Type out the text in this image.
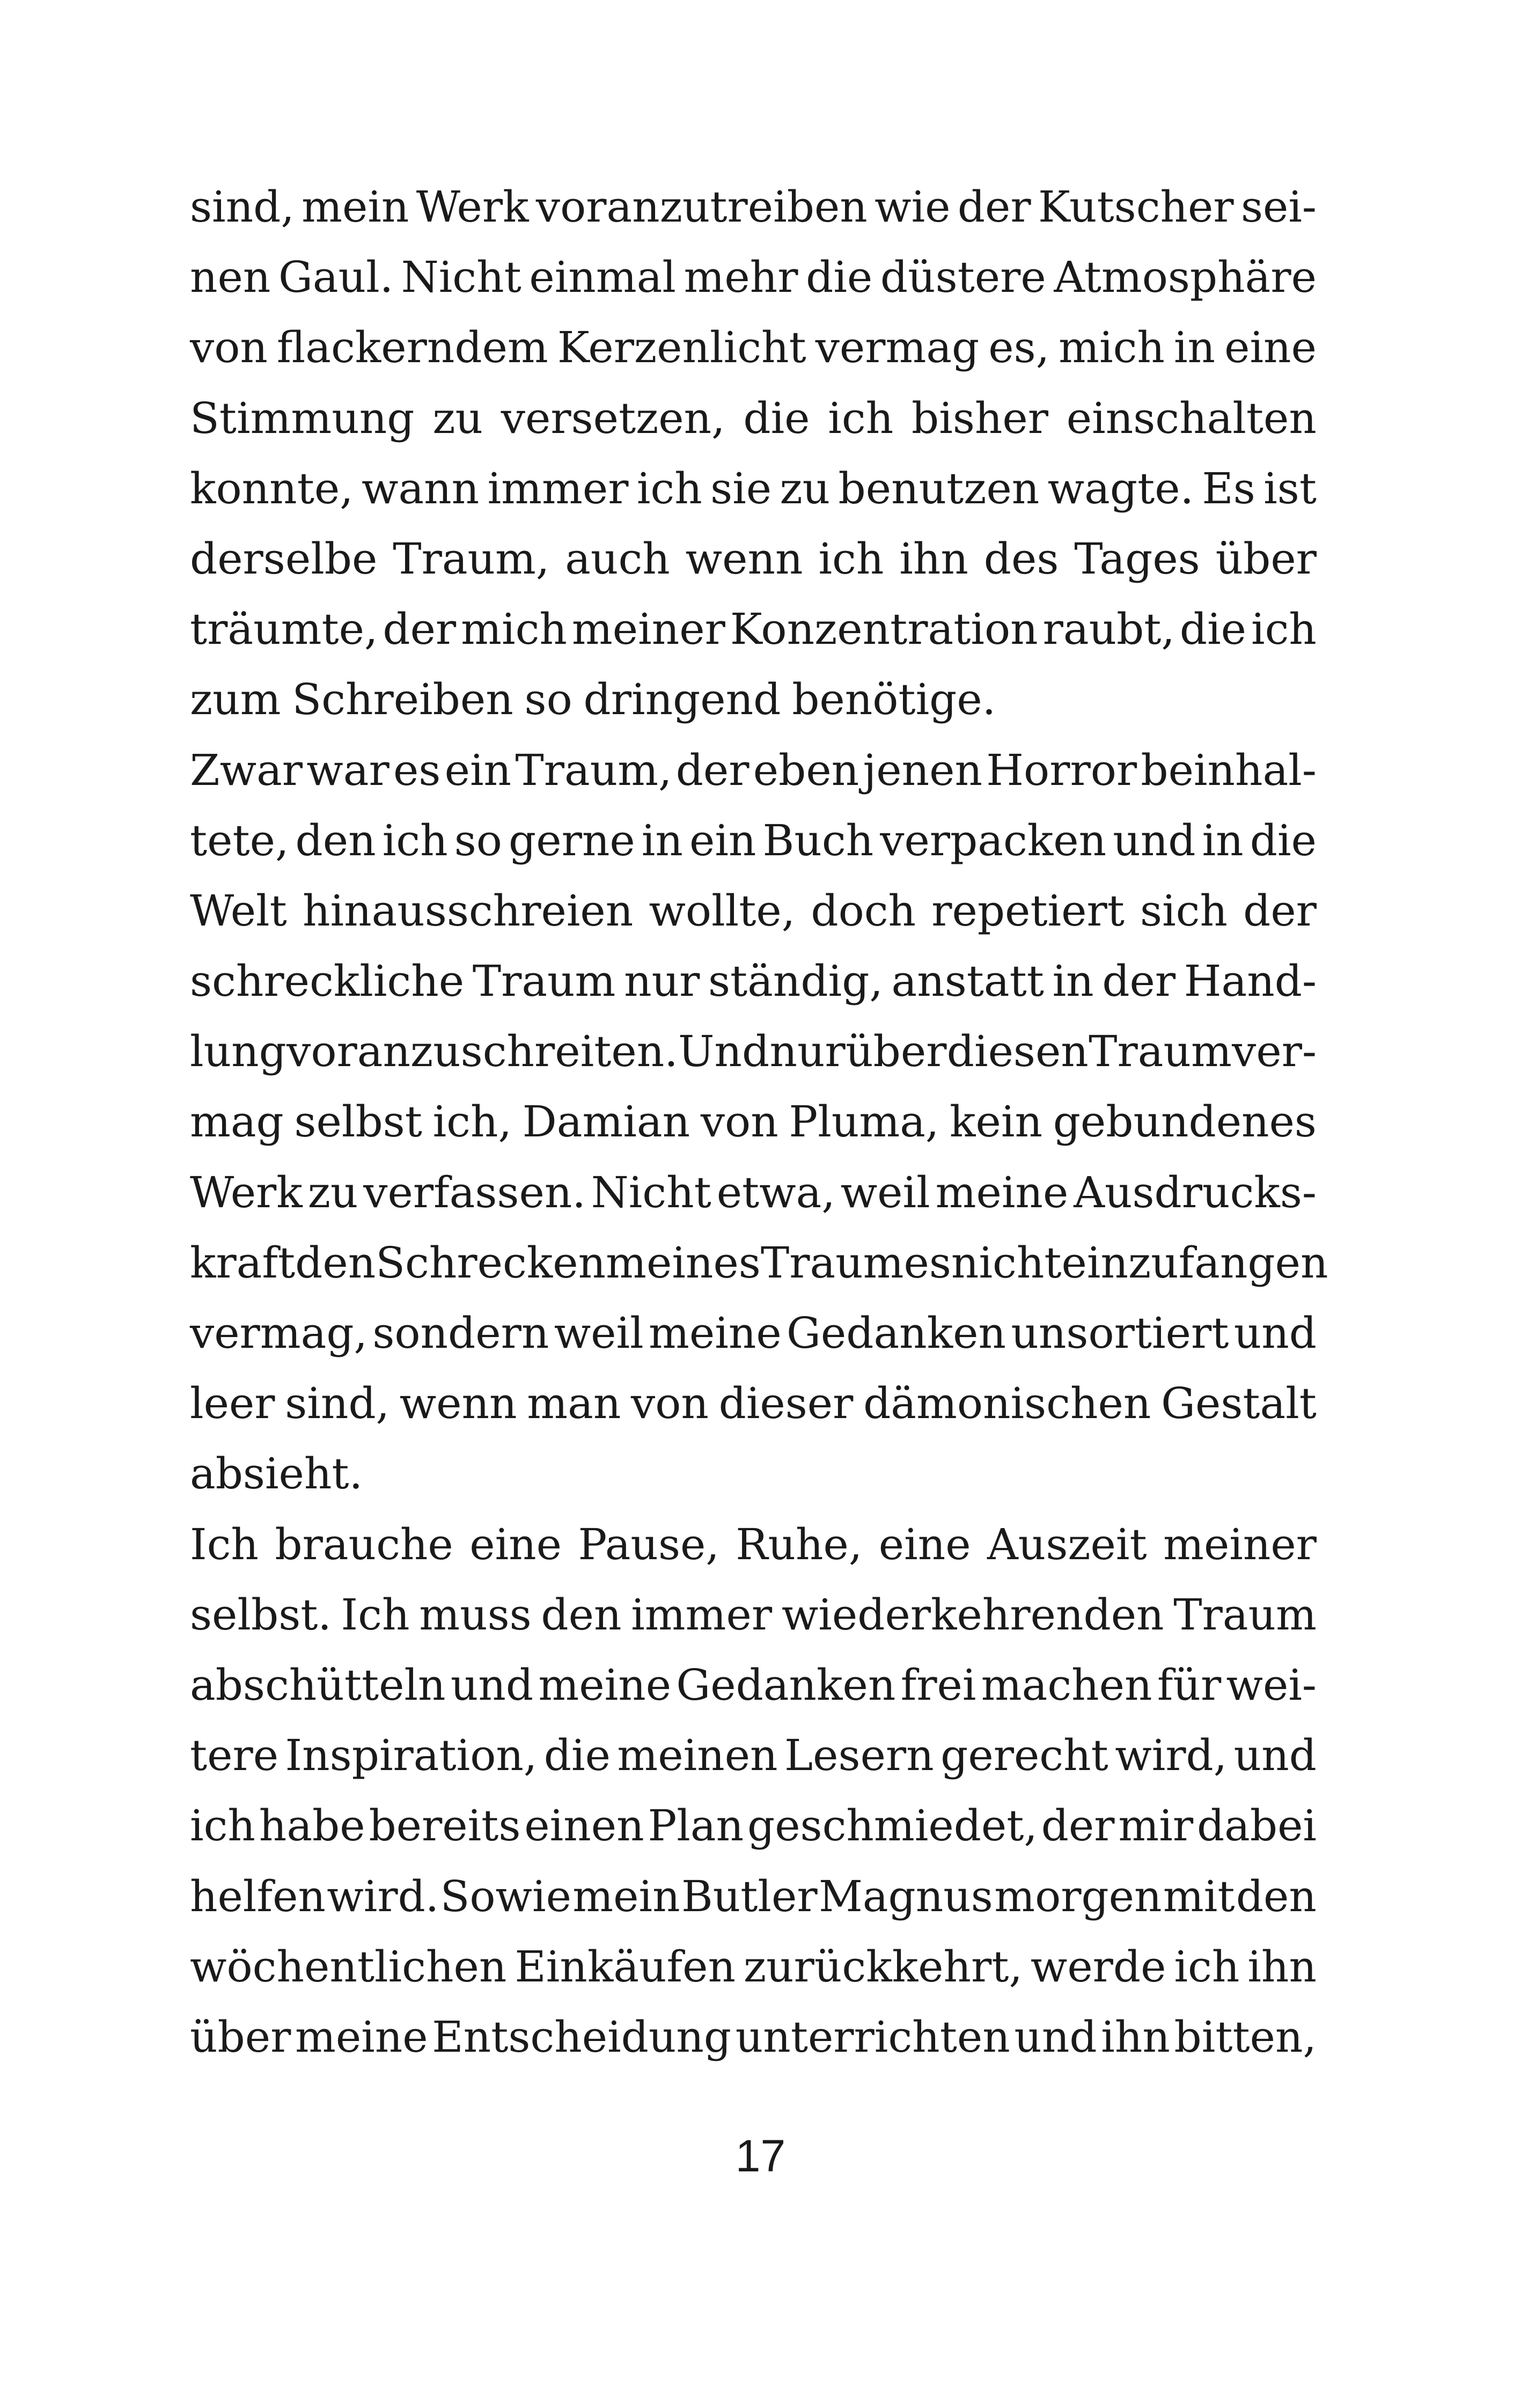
sind, mein Werk voranzutreiben wie der Kutscher sei-
nen Gaul. Nicht einmal mehr die düstere Atmosphäre
von flackerndem Kerzenlicht vermag es, mich in eine
Stimmung zu versetzen, die ich bisher einschalten
konnte, wann immer ich sie zu benutzen wagte. Es ist
derselbe Traum, auch wenn ich ihn des Tages über
träumte, der mich meiner Konzentration raubt, die ich
zum Schreiben so dringend benötige.
Zwar war es ein Traum, der eben jenen Horror beinhal-
tete, den ich so gerne in ein Buch verpacken und in die
Welt hinausschreien wollte, doch repetiert sich der
schreckliche Traum nur ständig, anstatt in der Hand-
lung voranzuschreiten. Und nur über diesen Traum ver-
mag selbst ich, Damian von Pluma, kein gebundenes
Werk zu verfassen. Nicht etwa, weil meine Ausdrucks-
kraft den Schrecken meines Traumes nicht einzufangen
vermag, sondern weil meine Gedanken unsortiert und
leer sind, wenn man von dieser dämonischen Gestalt
absieht.
Ich brauche eine Pause, Ruhe, eine Auszeit meiner
selbst. Ich muss den immer wiederkehrenden Traum
abschütteln und meine Gedanken frei machen für wei-
tere Inspiration, die meinen Lesern gerecht wird, und
ich habe bereits einen Plan geschmiedet, der mir dabei
helfen wird. Sowie mein Butler Magnus morgen mit den
wöchentlichen Einkäufen zurückkehrt, werde ich ihn
über meine Entscheidung unterrichten und ihn bitten,
17
